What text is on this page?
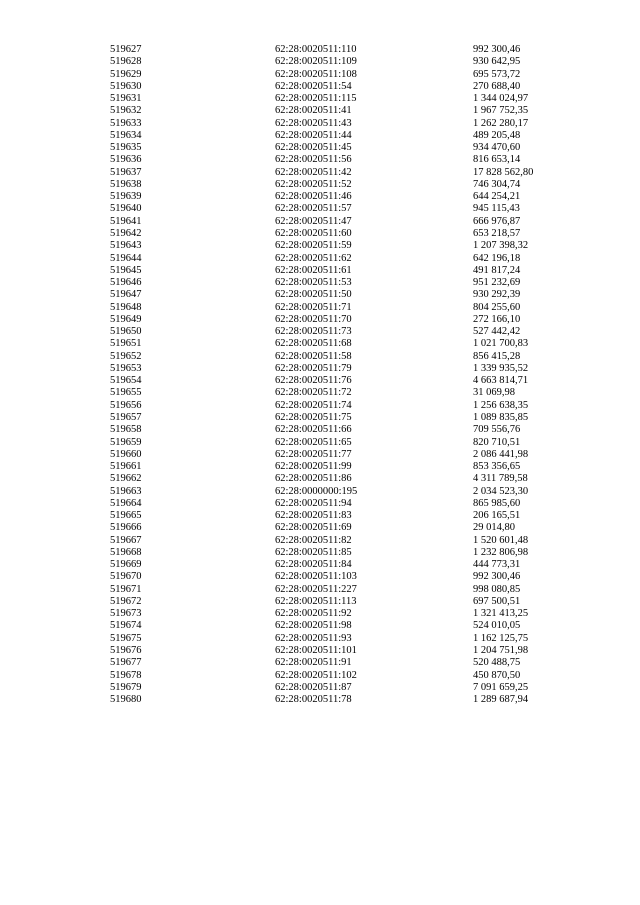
519627	62:28:0020511:110	992 300,46
519628	62:28:0020511:109	930 642,95
519629	62:28:0020511:108	695 573,72
519630	62:28:0020511:54	270 688,40
519631	62:28:0020511:115	1 344 024,97
519632	62:28:0020511:41	1 967 752,35
519633	62:28:0020511:43	1 262 280,17
519634	62:28:0020511:44	489 205,48
519635	62:28:0020511:45	934 470,60
519636	62:28:0020511:56	816 653,14
519637	62:28:0020511:42	17 828 562,80
519638	62:28:0020511:52	746 304,74
519639	62:28:0020511:46	644 254,21
519640	62:28:0020511:57	945 115,43
519641	62:28:0020511:47	666 976,87
519642	62:28:0020511:60	653 218,57
519643	62:28:0020511:59	1 207 398,32
519644	62:28:0020511:62	642 196,18
519645	62:28:0020511:61	491 817,24
519646	62:28:0020511:53	951 232,69
519647	62:28:0020511:50	930 292,39
519648	62:28:0020511:71	804 255,60
519649	62:28:0020511:70	272 166,10
519650	62:28:0020511:73	527 442,42
519651	62:28:0020511:68	1 021 700,83
519652	62:28:0020511:58	856 415,28
519653	62:28:0020511:79	1 339 935,52
519654	62:28:0020511:76	4 663 814,71
519655	62:28:0020511:72	31 069,98
519656	62:28:0020511:74	1 256 638,35
519657	62:28:0020511:75	1 089 835,85
519658	62:28:0020511:66	709 556,76
519659	62:28:0020511:65	820 710,51
519660	62:28:0020511:77	2 086 441,98
519661	62:28:0020511:99	853 356,65
519662	62:28:0020511:86	4 311 789,58
519663	62:28:0000000:195	2 034 523,30
519664	62:28:0020511:94	865 985,60
519665	62:28:0020511:83	206 165,51
519666	62:28:0020511:69	29 014,80
519667	62:28:0020511:82	1 520 601,48
519668	62:28:0020511:85	1 232 806,98
519669	62:28:0020511:84	444 773,31
519670	62:28:0020511:103	992 300,46
519671	62:28:0020511:227	998 080,85
519672	62:28:0020511:113	697 500,51
519673	62:28:0020511:92	1 321 413,25
519674	62:28:0020511:98	524 010,05
519675	62:28:0020511:93	1 162 125,75
519676	62:28:0020511:101	1 204 751,98
519677	62:28:0020511:91	520 488,75
519678	62:28:0020511:102	450 870,50
519679	62:28:0020511:87	7 091 659,25
519680	62:28:0020511:78	1 289 687,94
